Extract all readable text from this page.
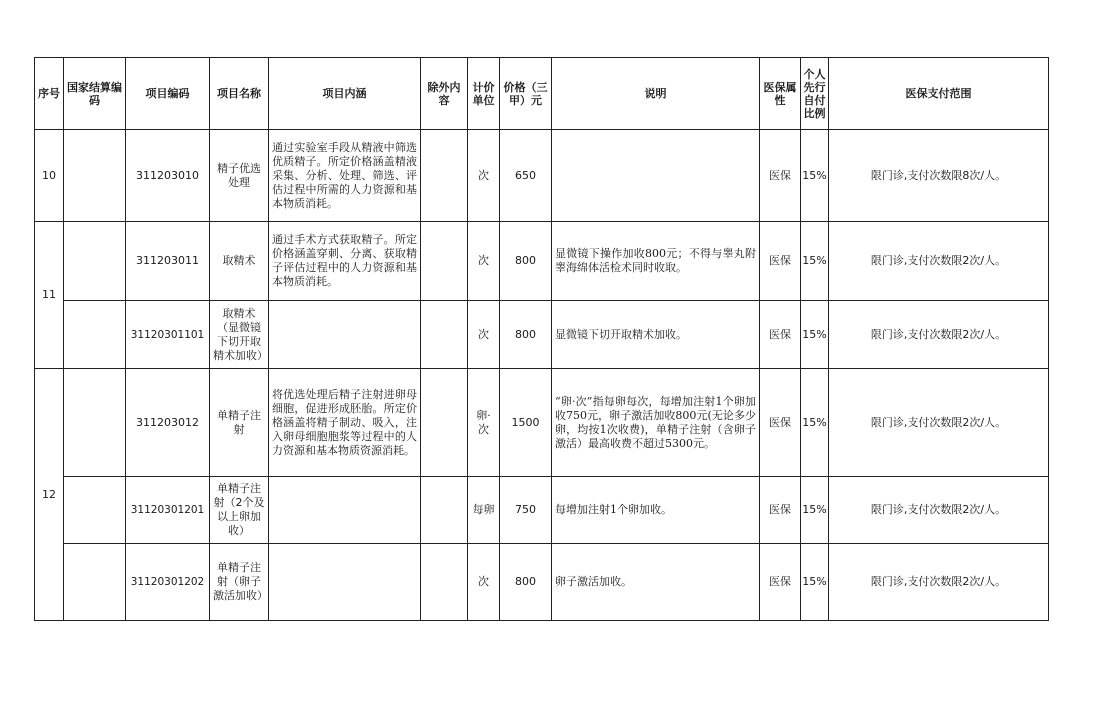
序号	国家结算编码	项目编码	项目名称	项目内涵	除外内容	计价单位	价格（三甲）元	说明	医保属性	个人先行自付比例	医保支付范围
10		311203010	精子优选处理	通过实验室手段从精液中筛选优质精子。所定价格涵盖精液采集、分析、处理、筛选、评估过程中所需的人力资源和基本物质消耗。		次	650		医保	15%	限门诊,支付次数限8次/人。
11		311203011	取精术	通过手术方式获取精子。所定价格涵盖穿刺、分离、获取精子评估过程中的人力资源和基本物质消耗。		次	800	显微镜下操作加收800元；不得与睾丸附睾海绵体活检术同时收取。	医保	15%	限门诊,支付次数限2次/人。
		31120301101	取精术（显微镜下切开取精术加收）			次	800	显微镜下切开取精术加收。	医保	15%	限门诊,支付次数限2次/人。
12		311203012	单精子注射	将优选处理后精子注射进卵母细胞，促进形成胚胎。所定价格涵盖将精子制动、吸入，注入卵母细胞胞浆等过程中的人力资源和基本物质资源消耗。		卵·次	1500	“卵·次”指每卵每次，每增加注射1个卵加收750元，卵子激活加收800元(无论多少卵，均按1次收费)，单精子注射（含卵子激活）最高收费不超过5300元。	医保	15%	限门诊,支付次数限2次/人。
		31120301201	单精子注射（2个及以上卵加收）			每卵	750	每增加注射1个卵加收。	医保	15%	限门诊,支付次数限2次/人。
		31120301202	单精子注射（卵子激活加收）			次	800	卵子激活加收。	医保	15%	限门诊,支付次数限2次/人。
